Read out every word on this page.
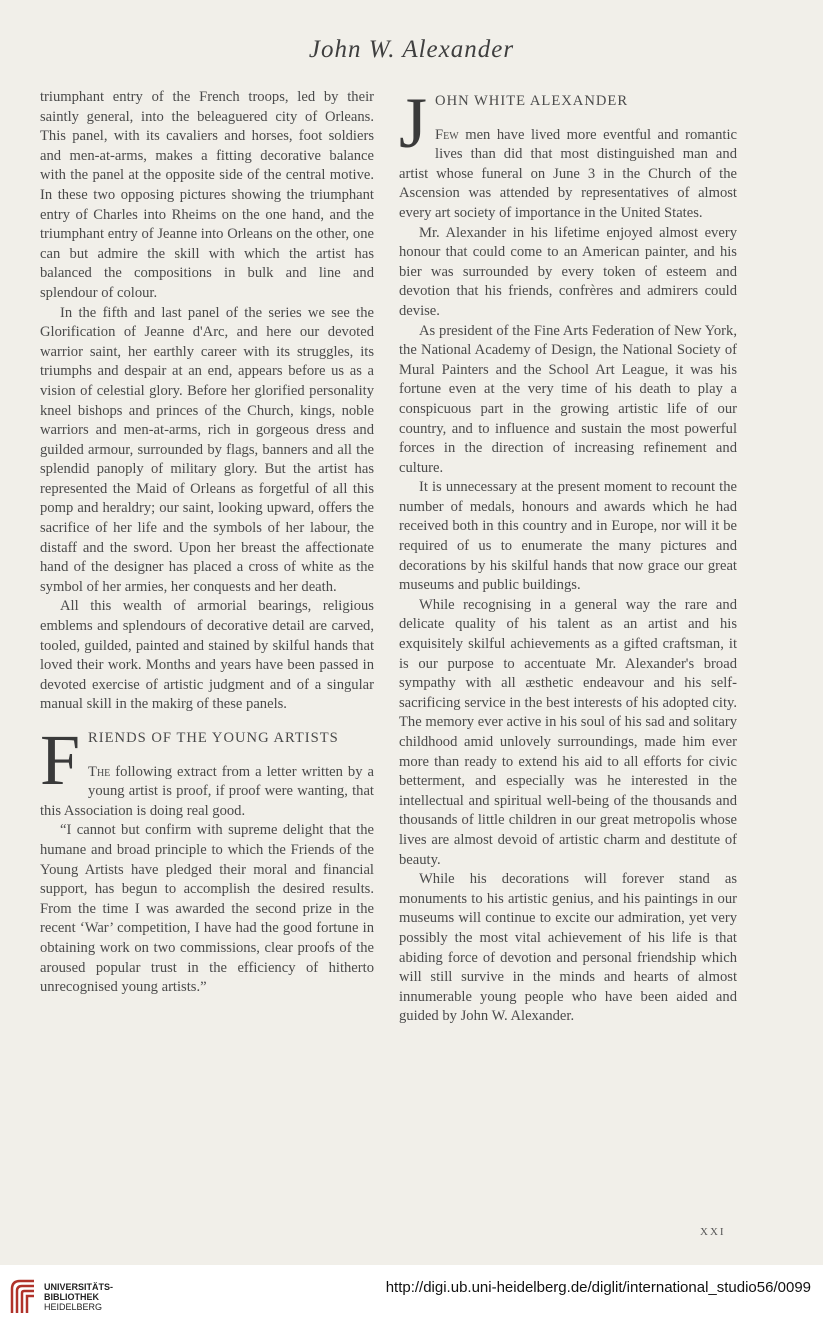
John W. Alexander

triumphant entry of the French troops, led by their saintly general, into the beleaguered city of Orleans. This panel, with its cavaliers and horses, foot soldiers and men-at-arms, makes a fitting decorative balance with the panel at the opposite side of the central motive. In these two opposing pictures showing the triumphant entry of Charles into Rheims on the one hand, and the triumphant entry of Jeanne into Orleans on the other, one can but admire the skill with which the artist has balanced the compositions in bulk and line and splendour of colour.

In the fifth and last panel of the series we see the Glorification of Jeanne d'Arc, and here our devoted warrior saint, her earthly career with its struggles, its triumphs and despair at an end, appears before us as a vision of celestial glory. Before her glorified personality kneel bishops and princes of the Church, kings, noble warriors and men-at-arms, rich in gorgeous dress and guilded armour, surrounded by flags, banners and all the splendid panoply of military glory. But the artist has represented the Maid of Orleans as forgetful of all this pomp and heraldry; our saint, looking upward, offers the sacrifice of her life and the symbols of her labour, the distaff and the sword. Upon her breast the affectionate hand of the designer has placed a cross of white as the symbol of her armies, her conquests and her death.

All this wealth of armorial bearings, religious emblems and splendours of decorative detail are carved, tooled, guilded, painted and stained by skilful hands that loved their work. Months and years have been passed in devoted exercise of artistic judgment and of a singular manual skill in the makirg of these panels.

F RIENDS OF THE YOUNG ARTISTS

The following extract from a letter written by a young artist is proof, if proof were wanting, that this Association is doing real good.

“I cannot but confirm with supreme delight that the humane and broad principle to which the Friends of the Young Artists have pledged their moral and financial support, has begun to accomplish the desired results. From the time I was awarded the second prize in the recent ‘War’ competition, I have had the good fortune in obtaining work on two commissions, clear proofs of the aroused popular trust in the efficiency of hitherto unrecognised young artists.”

J OHN WHITE ALEXANDER

Few men have lived more eventful and romantic lives than did that most distinguished man and artist whose funeral on June 3 in the Church of the Ascension was attended by representatives of almost every art society of importance in the United States.

Mr. Alexander in his lifetime enjoyed almost every honour that could come to an American painter, and his bier was surrounded by every token of esteem and devotion that his friends, confrères and admirers could devise.

As president of the Fine Arts Federation of New York, the National Academy of Design, the National Society of Mural Painters and the School Art League, it was his fortune even at the very time of his death to play a conspicuous part in the growing artistic life of our country, and to influence and sustain the most powerful forces in the direction of increasing refinement and culture.

It is unnecessary at the present moment to recount the number of medals, honours and awards which he had received both in this country and in Europe, nor will it be required of us to enumerate the many pictures and decorations by his skilful hands that now grace our great museums and public buildings.

While recognising in a general way the rare and delicate quality of his talent as an artist and his exquisitely skilful achievements as a gifted craftsman, it is our purpose to accentuate Mr. Alexander's broad sympathy with all æsthetic endeavour and his self-sacrificing service in the best interests of his adopted city. The memory ever active in his soul of his sad and solitary childhood amid unlovely surroundings, made him ever more than ready to extend his aid to all efforts for civic betterment, and especially was he interested in the intellectual and spiritual well-being of the thousands and thousands of little children in our great metropolis whose lives are almost devoid of artistic charm and destitute of beauty.

While his decorations will forever stand as monuments to his artistic genius, and his paintings in our museums will continue to excite our admiration, yet very possibly the most vital achievement of his life is that abiding force of devotion and personal friendship which will still survive in the minds and hearts of almost innumerable young people who have been aided and guided by John W. Alexander.

XXI
UNIVERSITÄTS-
BIBLIOTHEK
HEIDELBERG
http://digi.ub.uni-heidelberg.de/diglit/international_studio56/0099
